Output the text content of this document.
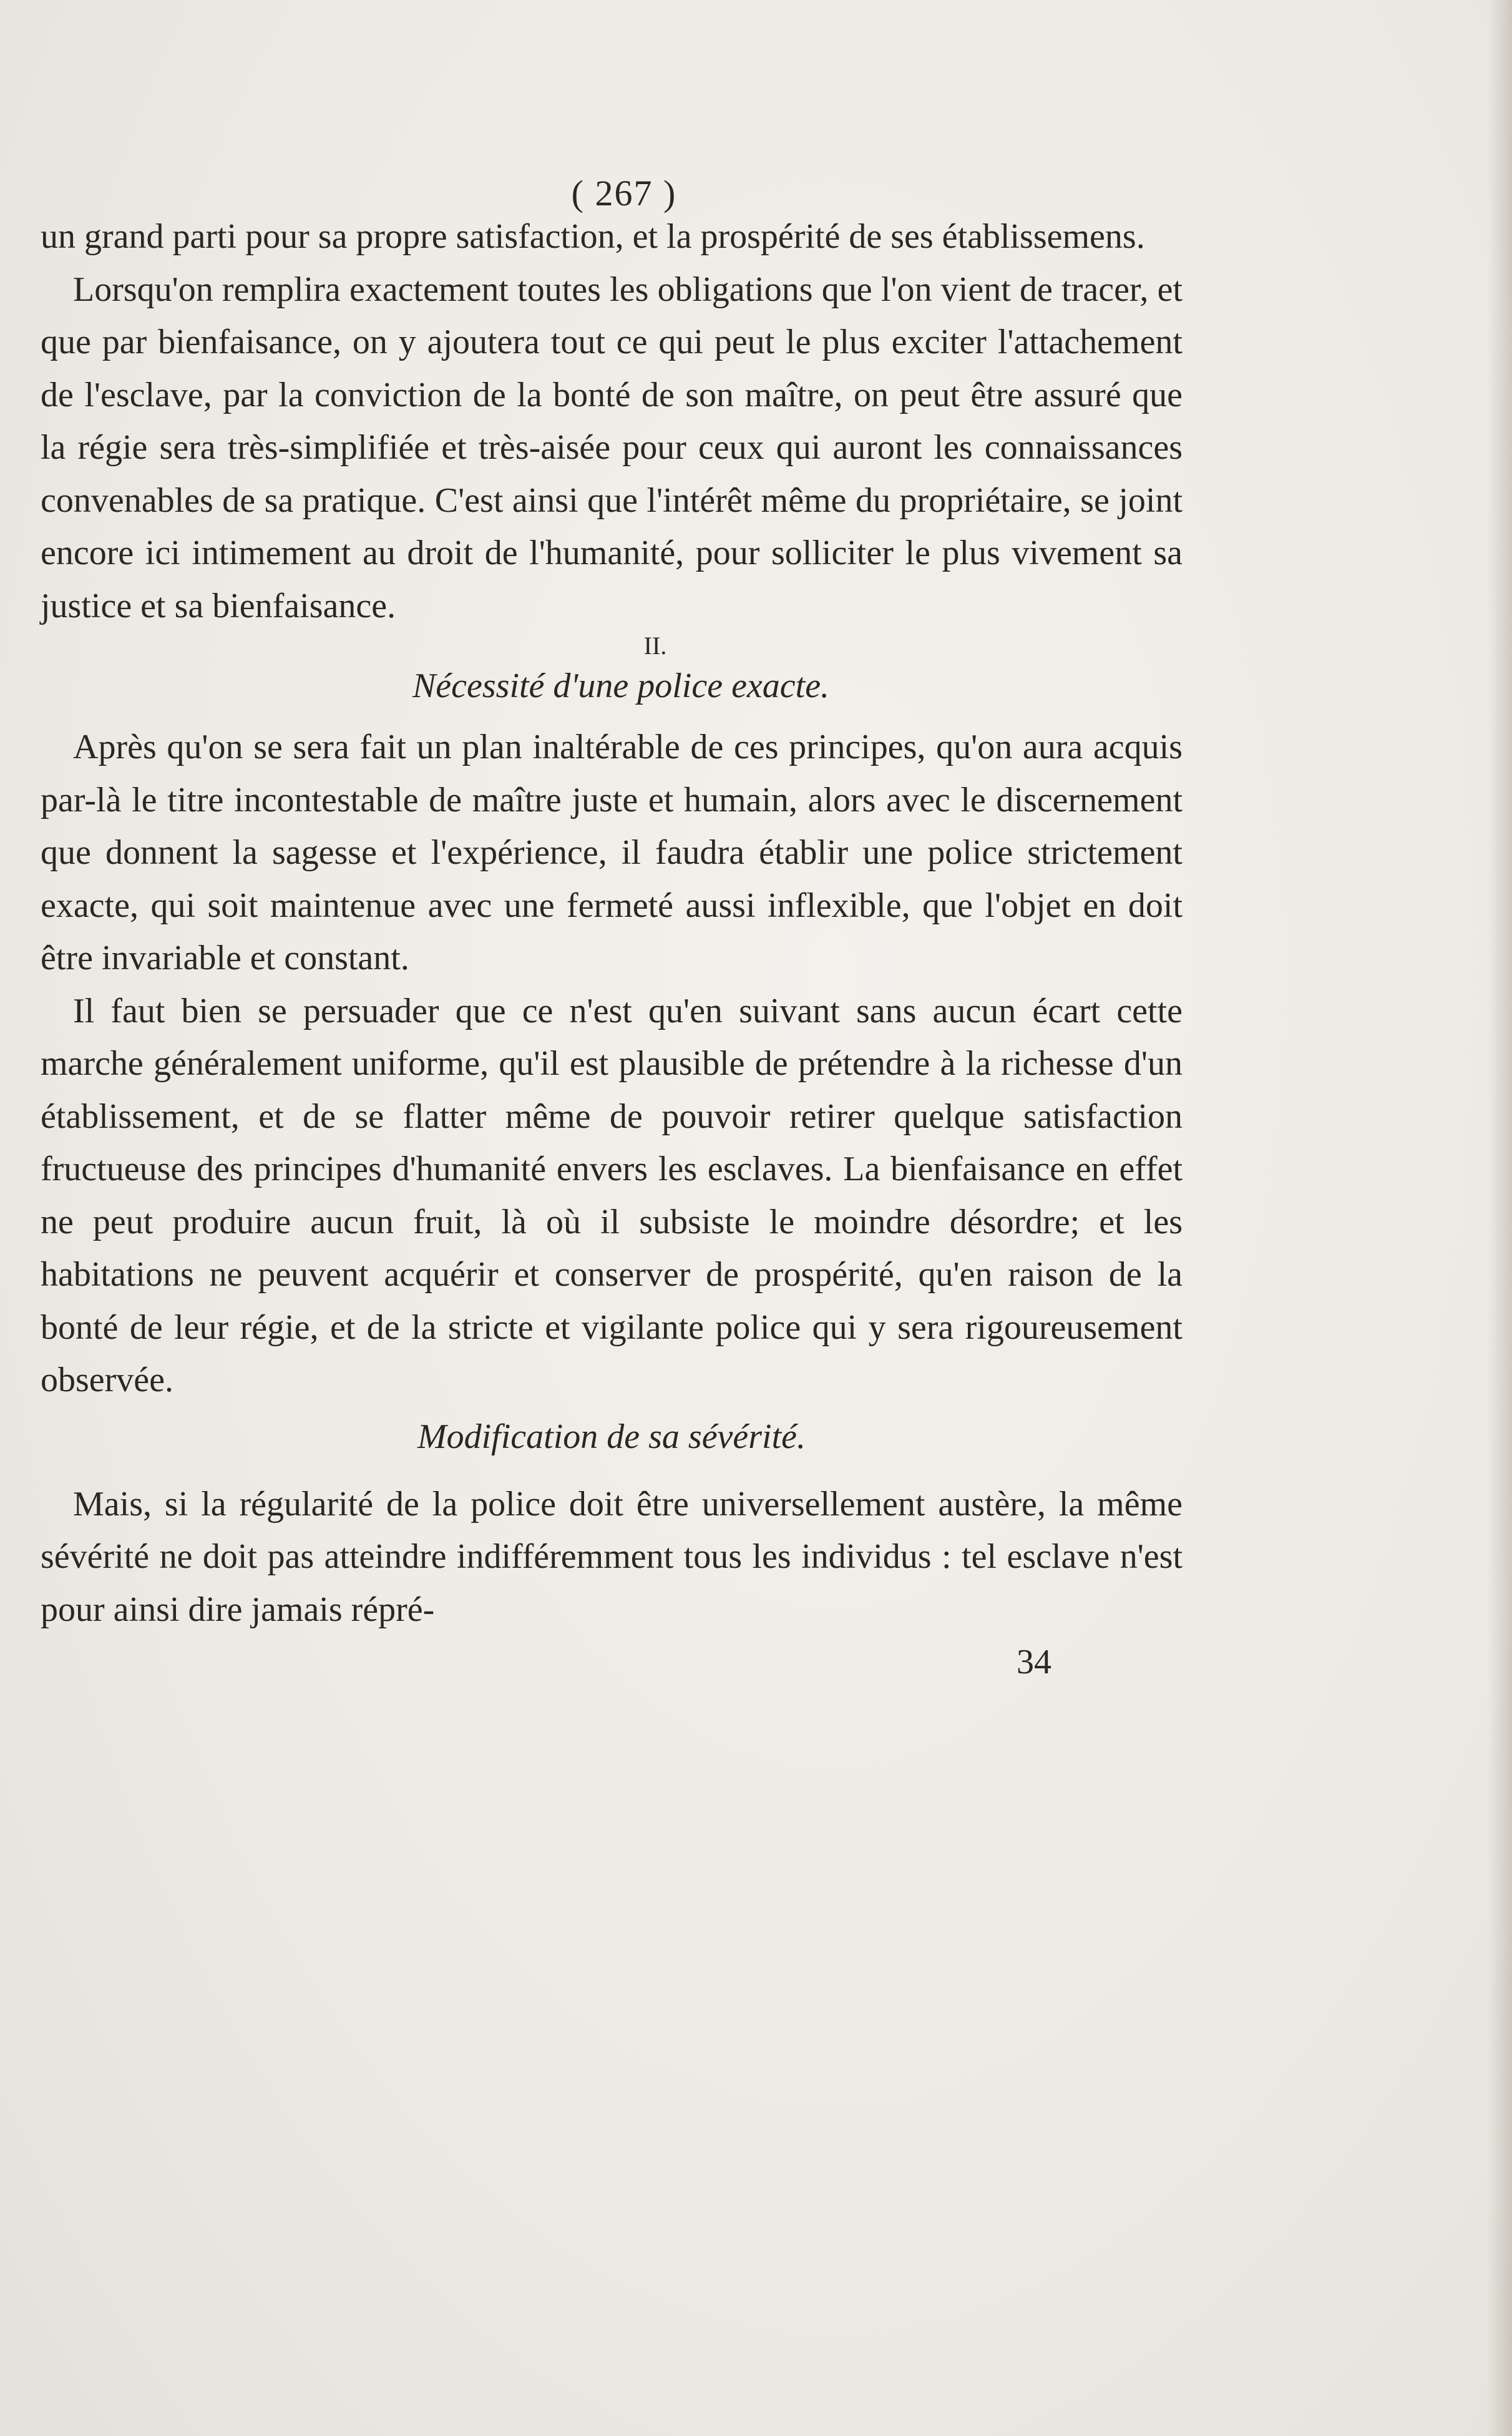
( 267 )

un grand parti pour sa propre satisfaction, et la prospérité de ses établissemens.

Lorsqu'on remplira exactement toutes les obligations que l'on vient de tracer, et que par bienfaisance, on y ajoutera tout ce qui peut le plus exciter l'attachement de l'esclave, par la conviction de la bonté de son maître, on peut être assuré que la régie sera très-simplifiée et très-aisée pour ceux qui auront les connaissances convenables de sa pratique. C'est ainsi que l'intérêt même du propriétaire, se joint encore ici intimement au droit de l'humanité, pour solliciter le plus vivement sa justice et sa bienfaisance.

II.
Nécessité d'une police exacte.

Après qu'on se sera fait un plan inaltérable de ces principes, qu'on aura acquis par-là le titre incontestable de maître juste et humain, alors avec le discernement que donnent la sagesse et l'expérience, il faudra établir une police strictement exacte, qui soit maintenue avec une fermeté aussi inflexible, que l'objet en doit être invariable et constant.

Il faut bien se persuader que ce n'est qu'en suivant sans aucun écart cette marche généralement uniforme, qu'il est plausible de prétendre à la richesse d'un établissement, et de se flatter même de pouvoir retirer quelque satisfaction fructueuse des principes d'humanité envers les esclaves. La bienfaisance en effet ne peut produire aucun fruit, là où il subsiste le moindre désordre; et les habitations ne peuvent acquérir et conserver de prospérité, qu'en raison de la bonté de leur régie, et de la stricte et vigilante police qui y sera rigoureusement observée.

Modification de sa sévérité.

Mais, si la régularité de la police doit être universellement austère, la même sévérité ne doit pas atteindre indifféremment tous les individus : tel esclave n'est pour ainsi dire jamais répré-

34
